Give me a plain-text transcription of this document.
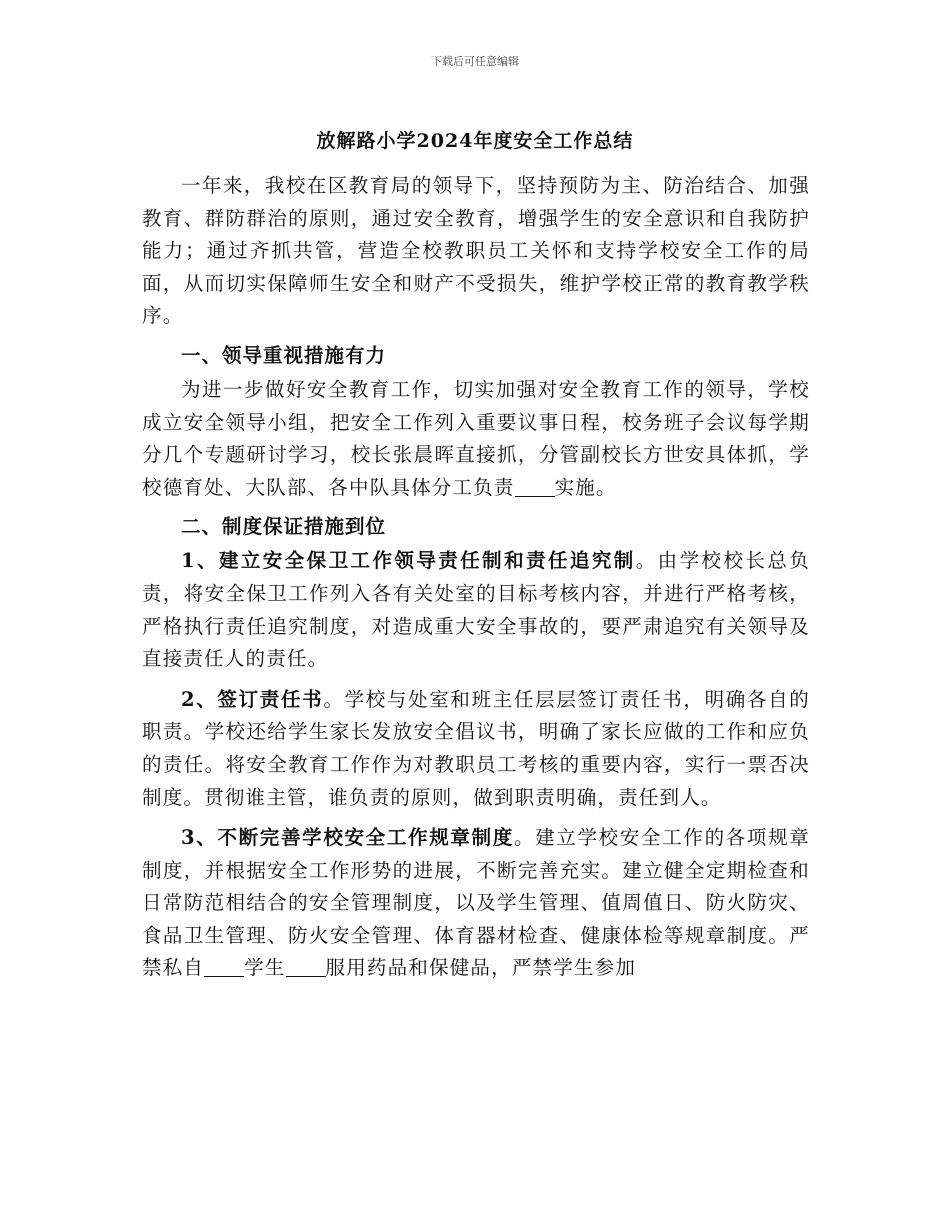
下载后可任意编辑
放解路小学2024年度安全工作总结

一年来，我校在区教育局的领导下，坚持预防为主、防治结合、加强教育、群防群治的原则，通过安全教育，增强学生的安全意识和自我防护能力；通过齐抓共管，营造全校教职员工关怀和支持学校安全工作的局面，从而切实保障师生安全和财产不受损失，维护学校正常的教育教学秩序。

一、领导重视措施有力

为进一步做好安全教育工作，切实加强对安全教育工作的领导，学校成立安全领导小组，把安全工作列入重要议事日程，校务班子会议每学期分几个专题研讨学习，校长张晨晖直接抓，分管副校长方世安具体抓，学校德育处、大队部、各中队具体分工负责 实施。

二、制度保证措施到位

1、建立安全保卫工作领导责任制和责任追究制。由学校校长总负责，将安全保卫工作列入各有关处室的目标考核内容，并进行严格考核，严格执行责任追究制度，对造成重大安全事故的，要严肃追究有关领导及直接责任人的责任。

2、签订责任书。学校与处室和班主任层层签订责任书，明确各自的职责。学校还给学生家长发放安全倡议书，明确了家长应做的工作和应负的责任。将安全教育工作作为对教职员工考核的重要内容，实行一票否决制度。贯彻谁主管，谁负责的原则，做到职责明确，责任到人。

3、不断完善学校安全工作规章制度。建立学校安全工作的各项规章制度，并根据安全工作形势的进展，不断完善充实。建立健全定期检查和日常防范相结合的安全管理制度，以及学生管理、值周值日、防火防灾、食品卫生管理、防火安全管理、体育器材检查、健康体检等规章制度。严禁私自 学生 服用药品和保健品，严禁学生参加
